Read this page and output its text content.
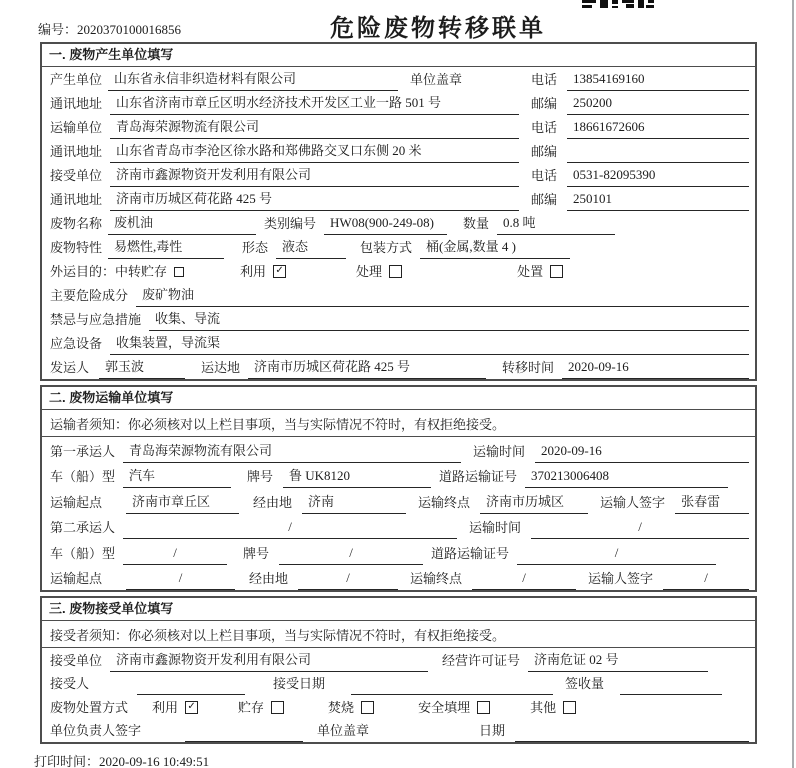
编号：2020370100016856	危险废物转移联单
一. 废物产生单位填写
产生单位 山东省永信非织造材料有限公司	单位盖章	电话	13854169160
通讯地址	山东省济南市章丘区明水经济技术开发区工业一路 501 号	邮编	250200
运输单位	青岛海荣源物流有限公司	电话	18661672606
通讯地址	山东省青岛市李沧区徐水路和郑佛路交叉口东侧 20 米	邮编
接受单位	济南市鑫源物资开发利用有限公司	电话	0531-82095390
通讯地址	济南市历城区荷花路 425 号	邮编	250101
废物名称 废机油	类别编号	HW08(900-249-08)	数量	0.8 吨
废物特性 易燃性,毒性	形态	液态	包装方式	桶(金属,数量 4 )
外运目的： 中转贮存	利用 ✓	处理	处置
主要危险成分	废矿物油
禁忌与应急措施	收集、导流
应急设备	收集装置，导流渠
发运人	郭玉波	运达地	济南市历城区荷花路 425 号	转移时间	2020-09-16
二. 废物运输单位填写
运输者须知：你必须核对以上栏目事项，当与实际情况不符时，有权拒绝接受。
第一承运人	青岛海荣源物流有限公司	运输时间	2020-09-16
车（船）型	汽车	牌号	鲁 UK8120	道路运输证号	370213006408
运输起点	济南市章丘区	经由地	济南	运输终点	济南市历城区	运输人签字	张春雷
第二承运人	/	运输时间	/
车（船）型	/	牌号	/	道路运输证号	/
运输起点	/	经由地	/	运输终点	/	运输人签字	/
三. 废物接受单位填写
接受者须知：你必须核对以上栏目事项，当与实际情况不符时，有权拒绝接受。
接受单位	济南市鑫源物资开发利用有限公司	经营许可证号	济南危证 02 号
接受人	接受日期	签收量
废物处置方式 利用 ✓	贮存	焚烧	安全填埋	其他
单位负责人签字	单位盖章	日期
打印时间：2020-09-16 10:49:51
